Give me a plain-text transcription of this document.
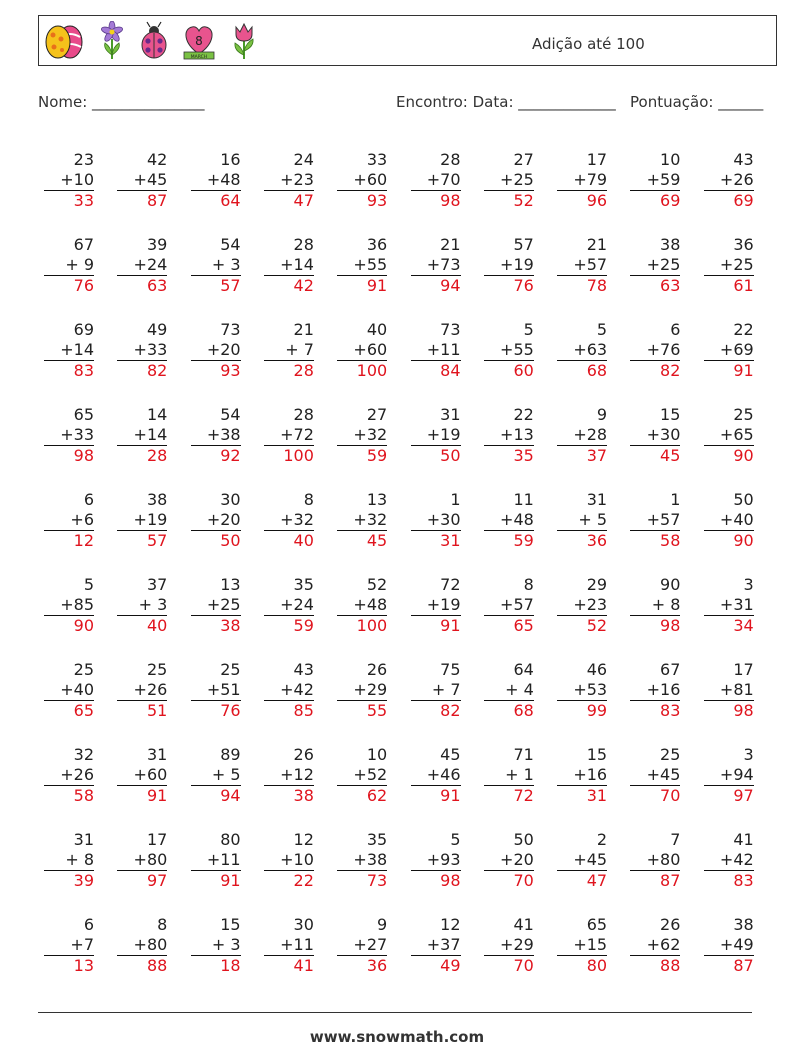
8
MARCH
Adição até 100
Nome: _______________	Encontro: Data: _____________ Pontuação: ______
23
+10
33
42
+45
87
16
+48
64
24
+23
47
33
+60
93
28
+70
98
27
+25
52
17
+79
96
10
+59
69
43
+26
69
67
+ 9
76
39
+24
63
54
+ 3
57
28
+14
42
36
+55
91
21
+73
94
57
+19
76
21
+57
78
38
+25
63
36
+25
61
69
+14
83
49
+33
82
73
+20
93
21
+ 7
28
40
+60
100
73
+11
84
5
+55
60
5
+63
68
6
+76
82
22
+69
91
65
+33
98
14
+14
28
54
+38
92
28
+72
100
27
+32
59
31
+19
50
22
+13
35
9
+28
37
15
+30
45
25
+65
90
6
+6
12
38
+19
57
30
+20
50
8
+32
40
13
+32
45
1
+30
31
11
+48
59
31
+ 5
36
1
+57
58
50
+40
90
5
+85
90
37
+ 3
40
13
+25
38
35
+24
59
52
+48
100
72
+19
91
8
+57
65
29
+23
52
90
+ 8
98
3
+31
34
25
+40
65
25
+26
51
25
+51
76
43
+42
85
26
+29
55
75
+ 7
82
64
+ 4
68
46
+53
99
67
+16
83
17
+81
98
32
+26
58
31
+60
91
89
+ 5
94
26
+12
38
10
+52
62
45
+46
91
71
+ 1
72
15
+16
31
25
+45
70
3
+94
97
31
+ 8
39
17
+80
97
80
+11
91
12
+10
22
35
+38
73
5
+93
98
50
+20
70
2
+45
47
7
+80
87
41
+42
83
6
+7
13
8
+80
88
15
+ 3
18
30
+11
41
9
+27
36
12
+37
49
41
+29
70
65
+15
80
26
+62
88
38
+49
87
www.snowmath.com
